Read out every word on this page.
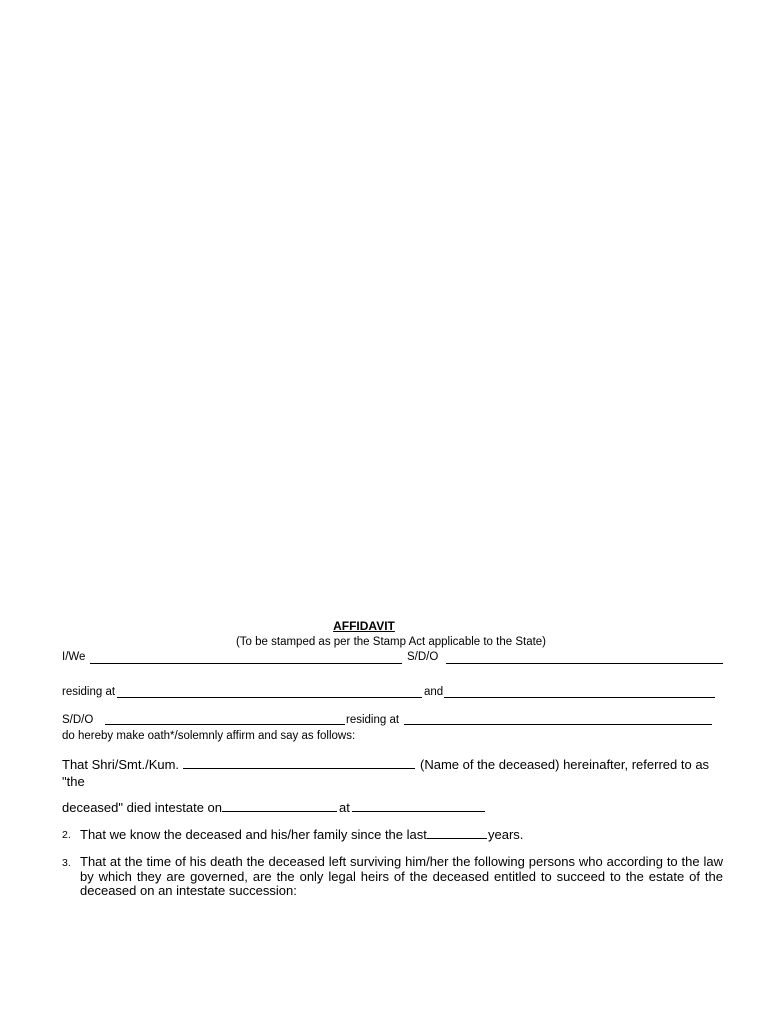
AFFIDAVIT
(To be stamped as per the Stamp Act applicable to the State)
I/We	S/D/O
residing at	and
S/D/O	residing at
do hereby make oath*/solemnly affirm and say as follows:
That Shri/Smt./Kum.	(Name of the deceased) hereinafter, referred to as
"the
deceased" died intestate on	at
2. That we know the deceased and his/her family since the last	years.
3. That at the time of his death the deceased left surviving him/her the following persons who according to the law by which they are governed, are the only legal heirs of the deceased entitled to succeed to the estate of the deceased on an intestate succession:
